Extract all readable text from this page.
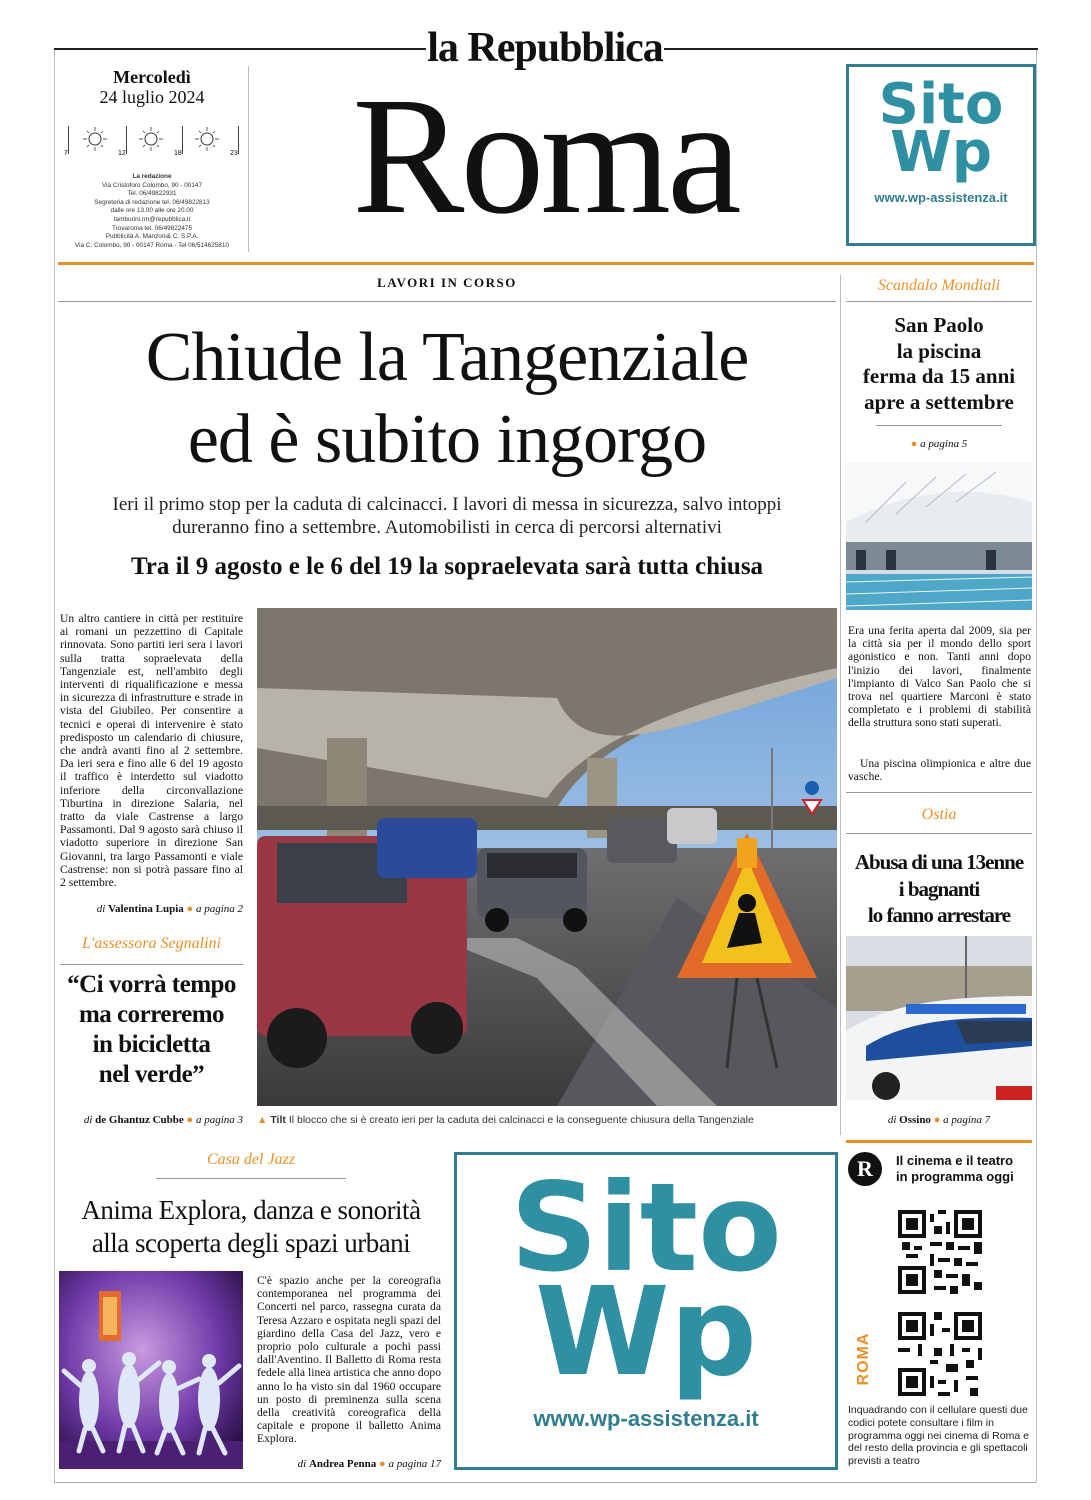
la Repubblica
Mercoledì
24 luglio 2024
7	12	18	23
La redazione
Via Cristoforo Colombo, 90 - 00147
Tel. 06/49822931
Segreteria di redazione tel. 06/49822813
dalle ore 13.00 alle ore 20.00
tamburini.rm@repubblica.it
Trovaroma tel. 06/49822475
Pubblicità A. Manzoni& C. S.P.A.
Via C. Colombo, 90 - 00147 Roma - Tel 06/514625810 Roma	Sito
Wp
www.wp-assistenza.it
LAVORI IN CORSO
Chiude la Tangenziale
ed è subito ingorgo
Ieri il primo stop per la caduta di calcinacci. I lavori di messa in sicurezza, salvo intoppi
dureranno fino a settembre. Automobilisti in cerca di percorsi alternativi
Tra il 9 agosto e le 6 del 19 la sopraelevata sarà tutta chiusa
Un altro cantiere in città per restituire ai romani un pezzettino di Capitale rinnovata. Sono partiti ieri sera i lavori sulla tratta sopraelevata della Tangenziale est, nell'ambito degli interventi di riqualificazione e messa in sicurezza di infrastrutture e strade in vista del Giubileo. Per consentire a tecnici e operai di intervenire è stato predisposto un calendario di chiusure, che andrà avanti fino al 2 settembre. Da ieri sera e fino alle 6 del 19 agosto il traffico è interdetto sul viadotto inferiore della circonvallazione Tiburtina in direzione Salaria, nel tratto da viale Castrense a largo Passamonti. Dal 9 agosto sarà chiuso il viadotto superiore in direzione San Giovanni, tra largo Passamonti e viale Castrense: non si potrà passare fino al 2 settembre.
di Valentina Lupia ● a pagina 2
▲ Tilt Il blocco che si è creato ieri per la caduta dei calcinacci e la conseguente chiusura della Tangenziale
L'assessora Segnalini
“Ci vorrà tempo
ma correremo
in bicicletta
nel verde”
di de Ghantuz Cubbe ● a pagina 3
Scandalo Mondiali
San Paolo
la piscina
ferma da 15 anni
apre a settembre
● a pagina 5
Era una ferita aperta dal 2009, sia per la città sia per il mondo dello sport agonistico e non. Tanti anni dopo l'inizio dei lavori, finalmente l'impianto di Valco San Paolo che si trova nel quartiere Marconi è stato completato e i problemi di stabilità della struttura sono stati superati.
Una piscina olimpionica e altre due vasche.
Ostia
Abusa di una 13enne
i bagnanti
lo fanno arrestare
di Ossino ● a pagina 7
Casa del Jazz
Anima Explora, danza e sonorità
alla scoperta degli spazi urbani
C'è spazio anche per la coreografia contemporanea nel programma dei Concerti nel parco, rassegna curata da Teresa Azzaro e ospitata negli spazi del giardino della Casa del Jazz, vero e proprio polo culturale a pochi passi dall'Aventino. Il Balletto di Roma resta fedele alla linea artistica che anno dopo anno lo ha visto sin dal 1960 occupare un posto di preminenza sulla scena della creatività coreografica della capitale e propone il balletto Anima Explora.
di Andrea Penna ● a pagina 17
Sito
Wp
www.wp-assistenza.it
R	Il cinema e il teatro
in programma oggi
ROMA
Inquadrando con il cellulare questi due codici potete consultare i film in programma oggi nei cinema di Roma e del resto della provincia e gli spettacoli previsti a teatro
